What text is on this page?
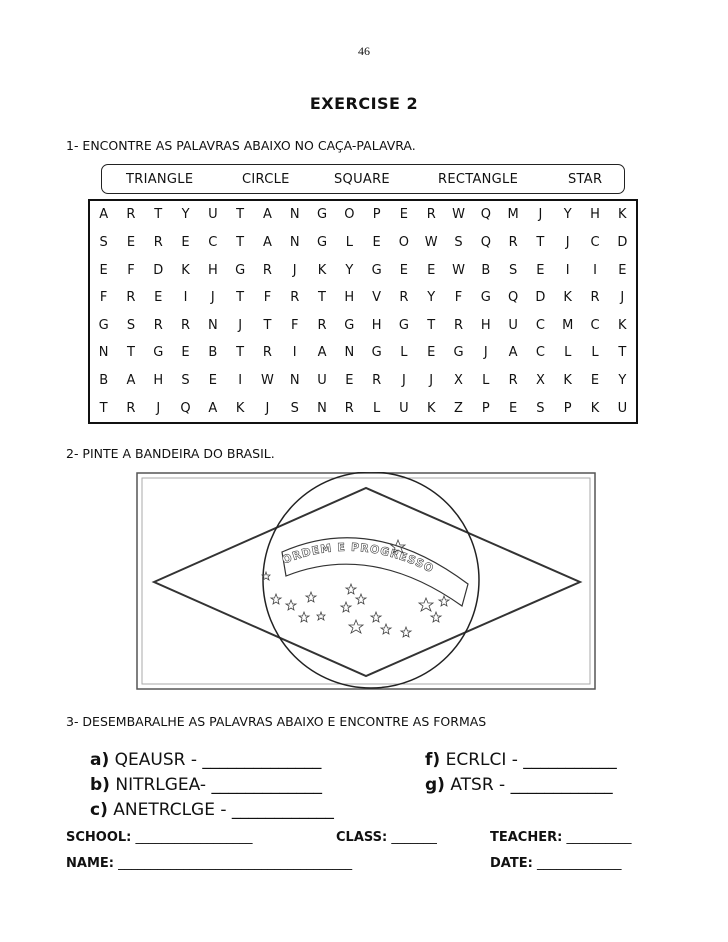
46
EXERCISE 2
1- ENCONTRE AS PALAVRAS ABAIXO NO CAÇA-PALAVRA.
TRIANGLE	CIRCLE	SQUARE	RECTANGLE	STAR
A	R	T	Y	U	T	A	N	G	O	P	E	R	W	Q	M	J	Y	H	K
S	E	R	E	C	T	A	N	G	L	E	O	W	S	Q	R	T	J	C	D
E	F	D	K	H	G	R	J	K	Y	G	E	E	W	B	S	E	I	I	E
F	R	E	I	J	T	F	R	T	H	V	R	Y	F	G	Q	D	K	R	J
G	S	R	R	N	J	T	F	R	G	H	G	T	R	H	U	C	M	C	K
N	T	G	E	B	T	R	I	A	N	G	L	E	G	J	A	C	L	L	T
B	A	H	S	E	I	W	N	U	E	R	J	J	X	L	R	X	K	E	Y
T	R	J	Q	A	K	J	S	N	R	L	U	K	Z	P	E	S	P	K	U
2- PINTE A BANDEIRA DO BRASIL.
ORDEM E PROGRESSO
3- DESEMBARALHE AS PALAVRAS ABAIXO E ENCONTRE AS FORMAS
a) QEAUSR - ______________
b) NITRLGEA- _____________
c) ANETRCLGE - ____________
f) ECRLCI - ___________
g) ATSR - ____________
SCHOOL: __________________	CLASS: _______	TEACHER: __________
NAME: ____________________________________	DATE: _____________
